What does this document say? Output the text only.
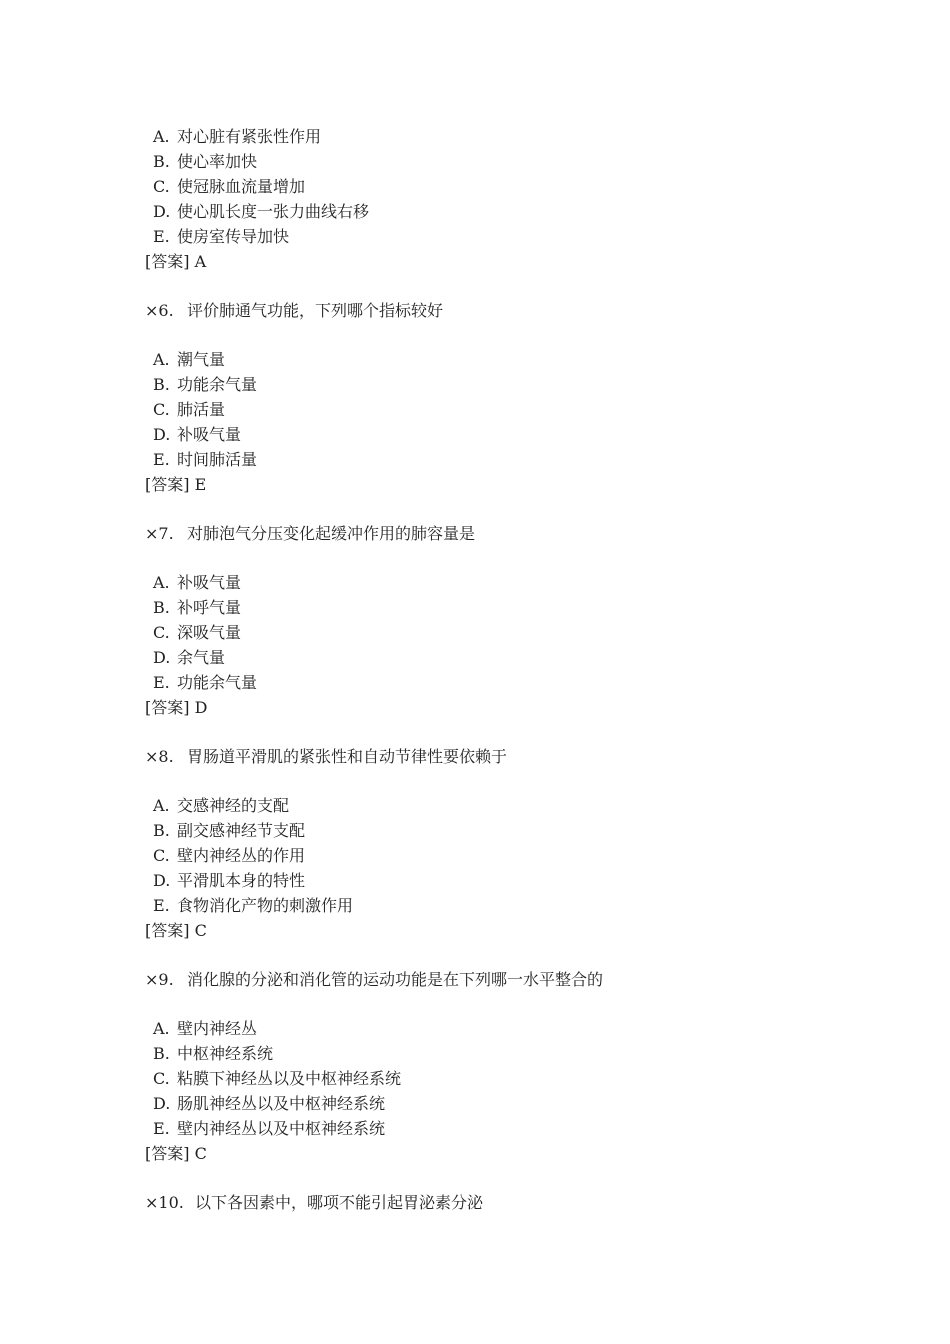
A. 对心脏有紧张性作用
B. 使心率加快
C. 使冠脉血流量增加
D. 使心肌长度一张力曲线右移
E. 使房室传导加快
[答案] A
×6. 评价肺通气功能，下列哪个指标较好
A. 潮气量
B. 功能余气量
C. 肺活量
D. 补吸气量
E. 时间肺活量
[答案] E
×7. 对肺泡气分压变化起缓冲作用的肺容量是
A. 补吸气量
B. 补呼气量
C. 深吸气量
D. 余气量
E. 功能余气量
[答案] D
×8. 胃肠道平滑肌的紧张性和自动节律性要依赖于
A. 交感神经的支配
B. 副交感神经节支配
C. 壁内神经丛的作用
D. 平滑肌本身的特性
E. 食物消化产物的刺激作用
[答案] C
×9. 消化腺的分泌和消化管的运动功能是在下列哪一水平整合的
A. 壁内神经丛
B. 中枢神经系统
C. 粘膜下神经丛以及中枢神经系统
D. 肠肌神经丛以及中枢神经系统
E. 壁内神经丛以及中枢神经系统
[答案] C
×10. 以下各因素中，哪项不能引起胃泌素分泌
